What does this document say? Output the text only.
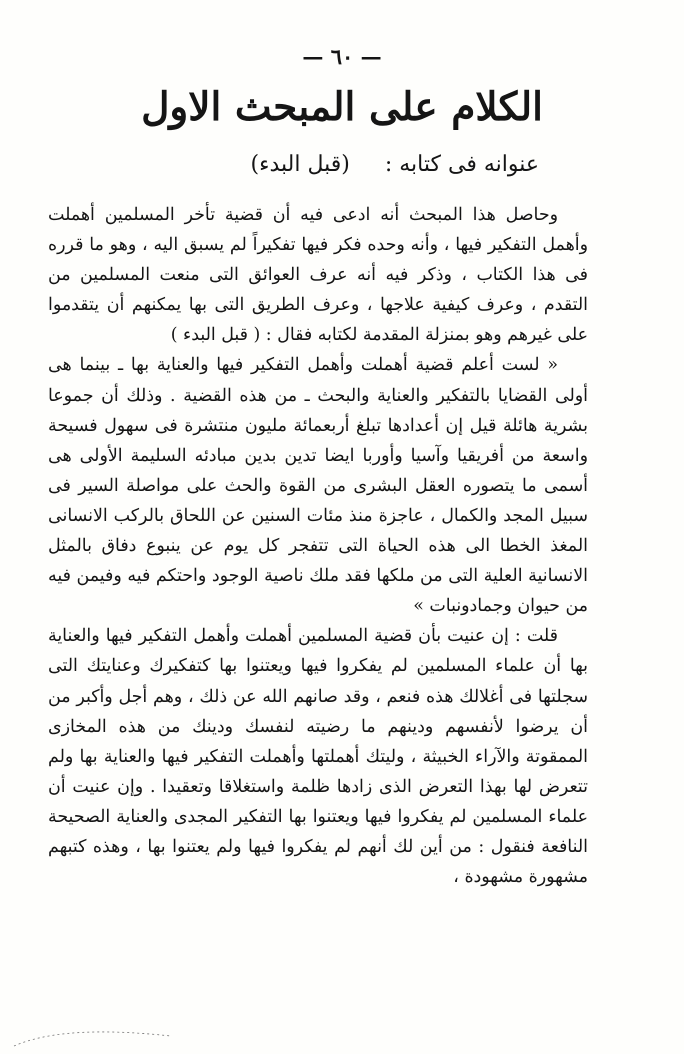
— ٦٠ —
الكلام على المبحث الاول
عنوانه فى كتابه : (قبل البدء)

وحاصل هذا المبحث أنه ادعى فيه أن قضية تأخر المسلمين أهملت وأهمل التفكير فيها ، وأنه وحده فكر فيها تفكيراً لم يسبق اليه ، وهو ما قرره فى هذا الكتاب ، وذكر فيه أنه عرف العوائق التى منعت المسلمين من التقدم ، وعرف كيفية علاجها ، وعرف الطريق التى بها يمكنهم أن يتقدموا على غيرهم وهو بمنزلة المقدمة لكتابه فقال : ( قبل البدء )

« لست أعلم قضية أهملت وأهمل التفكير فيها والعناية بها ـ بينما هى أولى القضايا بالتفكير والعناية والبحث ـ من هذه القضية . وذلك أن جموعا بشرية هائلة قيل إن أعدادها تبلغ أربعمائة مليون منتشرة فى سهول فسيحة واسعة من أفريقيا وآسيا وأوربا ايضا تدين بدين مبادئه السليمة الأولى هى أسمى ما يتصوره العقل البشرى من القوة والحث على مواصلة السير فى سبيل المجد والكمال ، عاجزة منذ مئات السنين عن اللحاق بالركب الانسانى المغذ الخطا الى هذه الحياة التى تتفجر كل يوم عن ينبوع دفاق بالمثل الانسانية العلية التى من ملكها فقد ملك ناصية الوجود واحتكم فيه وفيمن فيه من حيوان وجمادونبات »

قلت : إن عنيت بأن قضية المسلمين أهملت وأهمل التفكير فيها والعناية بها أن علماء المسلمين لم يفكروا فيها ويعتنوا بها كتفكيرك وعنايتك التى سجلتها فى أغلالك هذه فنعم ، وقد صانهم الله عن ذلك ، وهم أجل وأكبر من أن يرضوا لأنفسهم ودينهم ما رضيته لنفسك ودينك من هذه المخازى الممقوتة والآراء الخبيثة ، وليتك أهملتها وأهملت التفكير فيها والعناية بها ولم تتعرض لها بهذا التعرض الذى زادها ظلمة واستغلاقا وتعقيدا . وإن عنيت أن علماء المسلمين لم يفكروا فيها ويعتنوا بها التفكير المجدى والعناية الصحيحة النافعة فنقول : من أين لك أنهم لم يفكروا فيها ولم يعتنوا بها ، وهذه كتبهم مشهورة مشهودة ،
